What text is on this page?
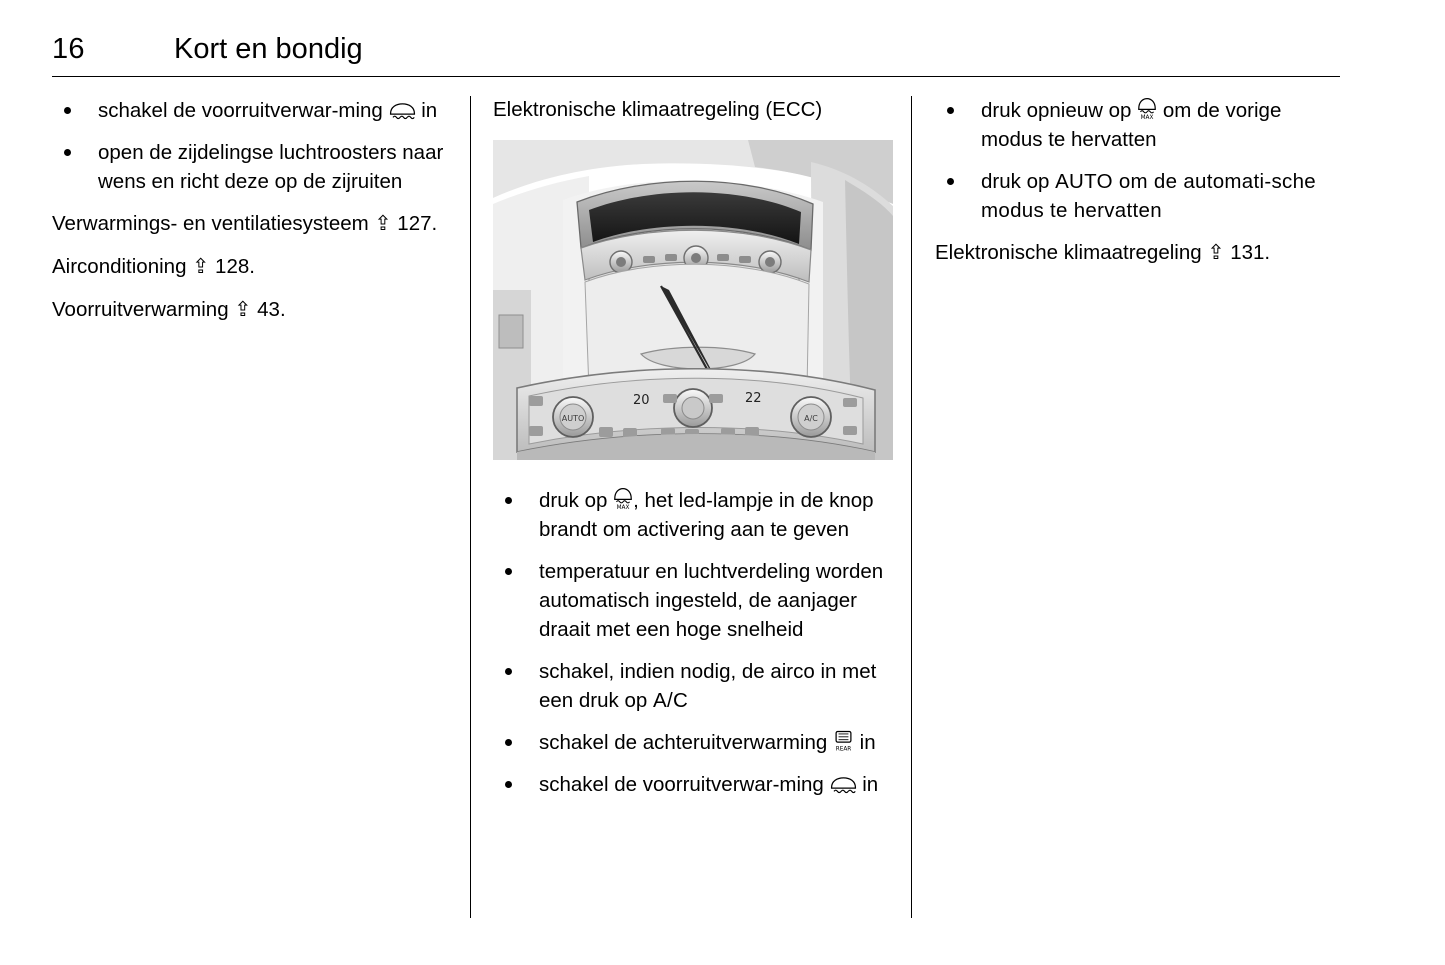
16	Kort en bondig
schakel de voorruitverwar-ming
in
open de zijdelingse luchtroosters naar wens en richt deze op de zijruiten

Verwarmings- en ventilatiesysteem ⇪ 127.

Airconditioning ⇪ 128.

Voorruitverwarming ⇪ 43.

Elektronische klimaatregeling (ECC)
AUTO	A/C
20	22
druk op MAX , het led-lampje in de knop brandt om activering aan te geven
temperatuur en luchtverdeling worden automatisch ingesteld, de aanjager draait met een hoge snelheid
schakel, indien nodig, de airco in met een druk op A/C
schakel de achteruitverwarming REAR in
schakel de voorruitverwar-ming
in
druk opnieuw op MAX om de vorige modus te hervatten
druk op AUTO om de automati-sche modus te hervatten

Elektronische klimaatregeling ⇪ 131.
